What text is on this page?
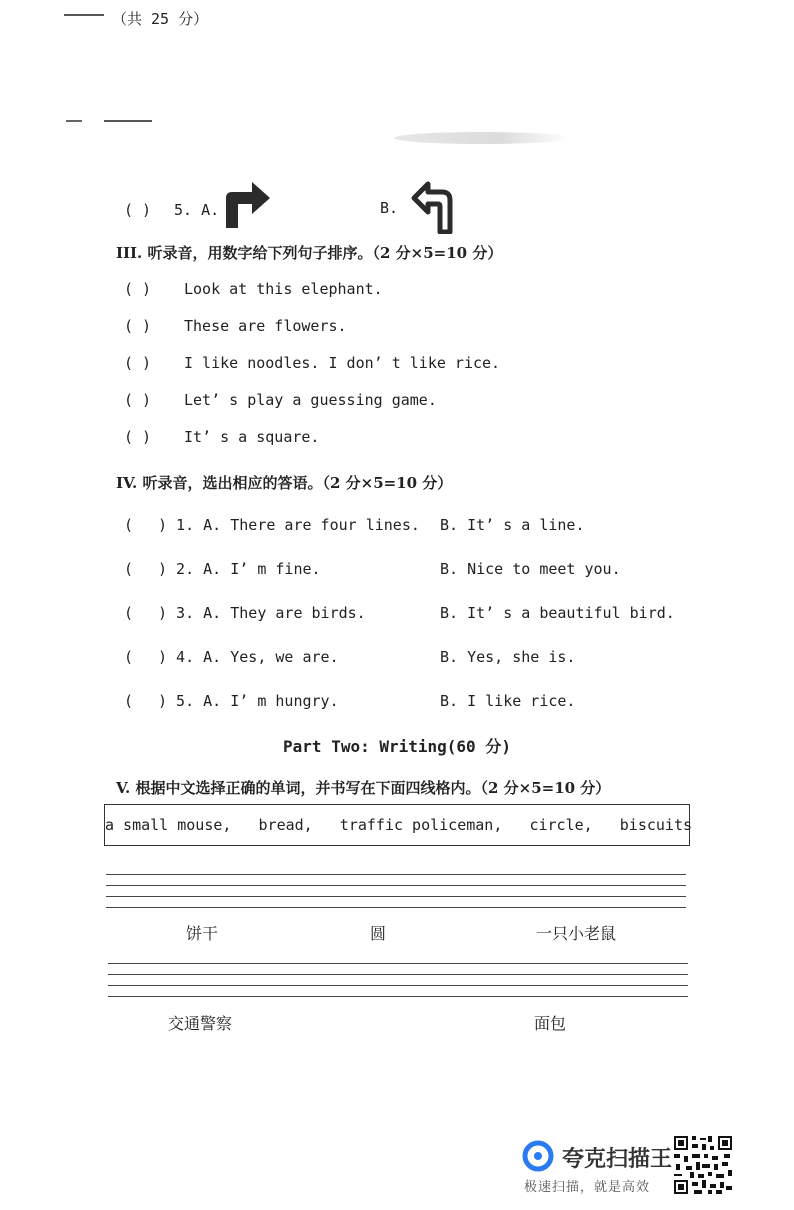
（共 25 分）
( ) 5. A.	B.
III. 听录音，用数字给下列句子排序。（2 分×5=10 分）
( ) Look at this elephant.
( ) These are flowers.
( ) I like noodles. I don’ t like rice.
( ) Let’ s play a guessing game.
( ) It’ s a square.
IV. 听录音，选出相应的答语。（2 分×5=10 分）
( ) 1. A. There are four lines. B. It’ s a line.
( ) 2. A. I’ m fine.	B. Nice to meet you.
( ) 3. A. They are birds.	B. It’ s a beautiful bird.
( ) 4. A. Yes, we are.	B. Yes, she is.
( ) 5. A. I’ m hungry.	B. I like rice.
Part Two: Writing(60 分)
V. 根据中文选择正确的单词，并书写在下面四线格内。（2 分×5=10 分）
a small mouse,   bread,   traffic policeman,   circle,   biscuits
饼干	圆	一只小老鼠
交通警察	面包
夸克扫描王
极速扫描，就是高效
